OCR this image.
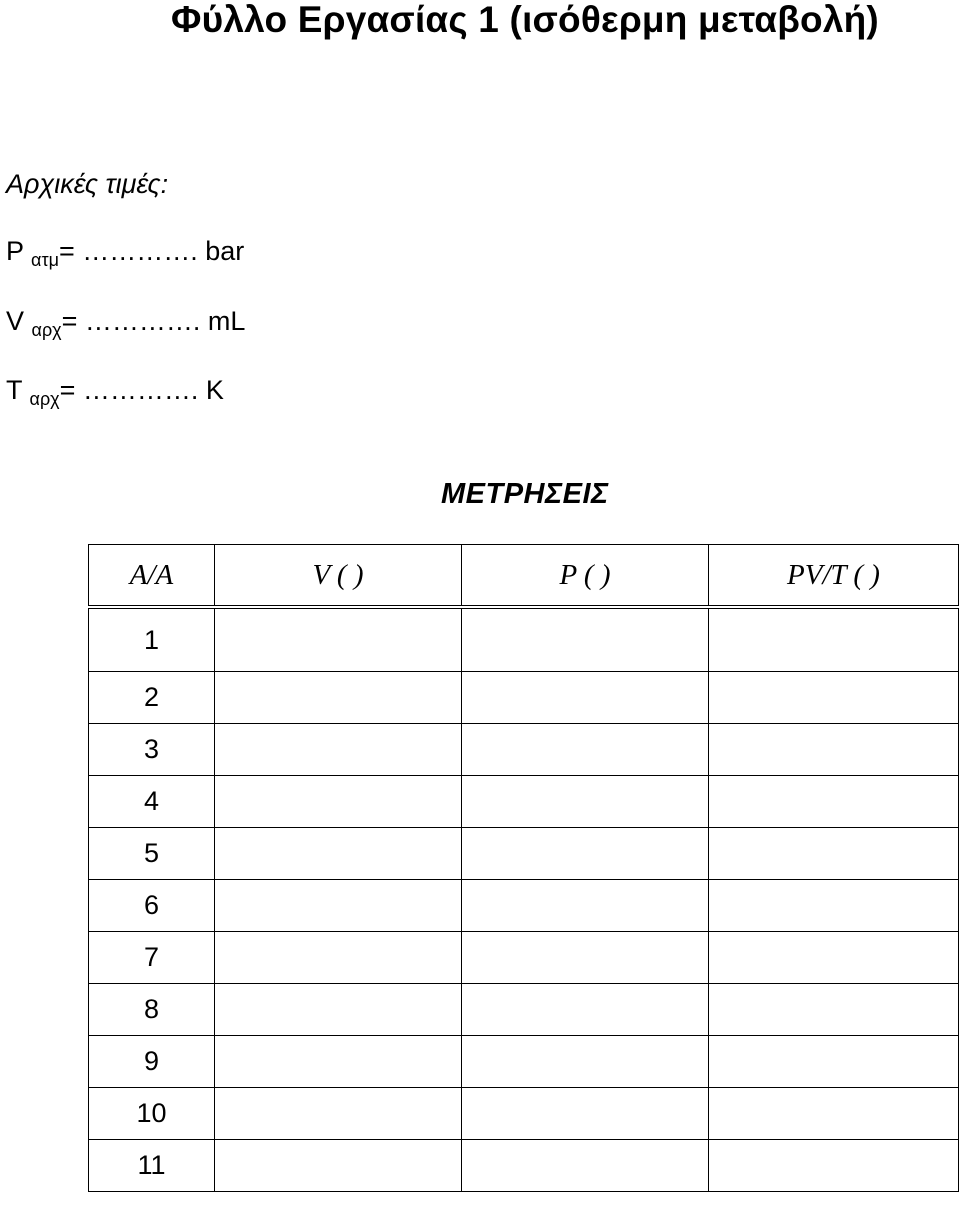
Φύλλο Εργασίας 1 (ισόθερμη μεταβολή)
Αρχικές τιμές:
P $_{\alpha\tau\mu}$= …………. bar
V $_{\alpha\rho\chi}$= …………. mL
T $_{\alpha\rho\chi}$= …………. K
ΜΕΤΡΗΣΕΙΣ
A/A	V ( )	P ( )	PV/T ( )
1			
2			
3			
4			
5			
6			
7			
8			
9			
10			
11			
